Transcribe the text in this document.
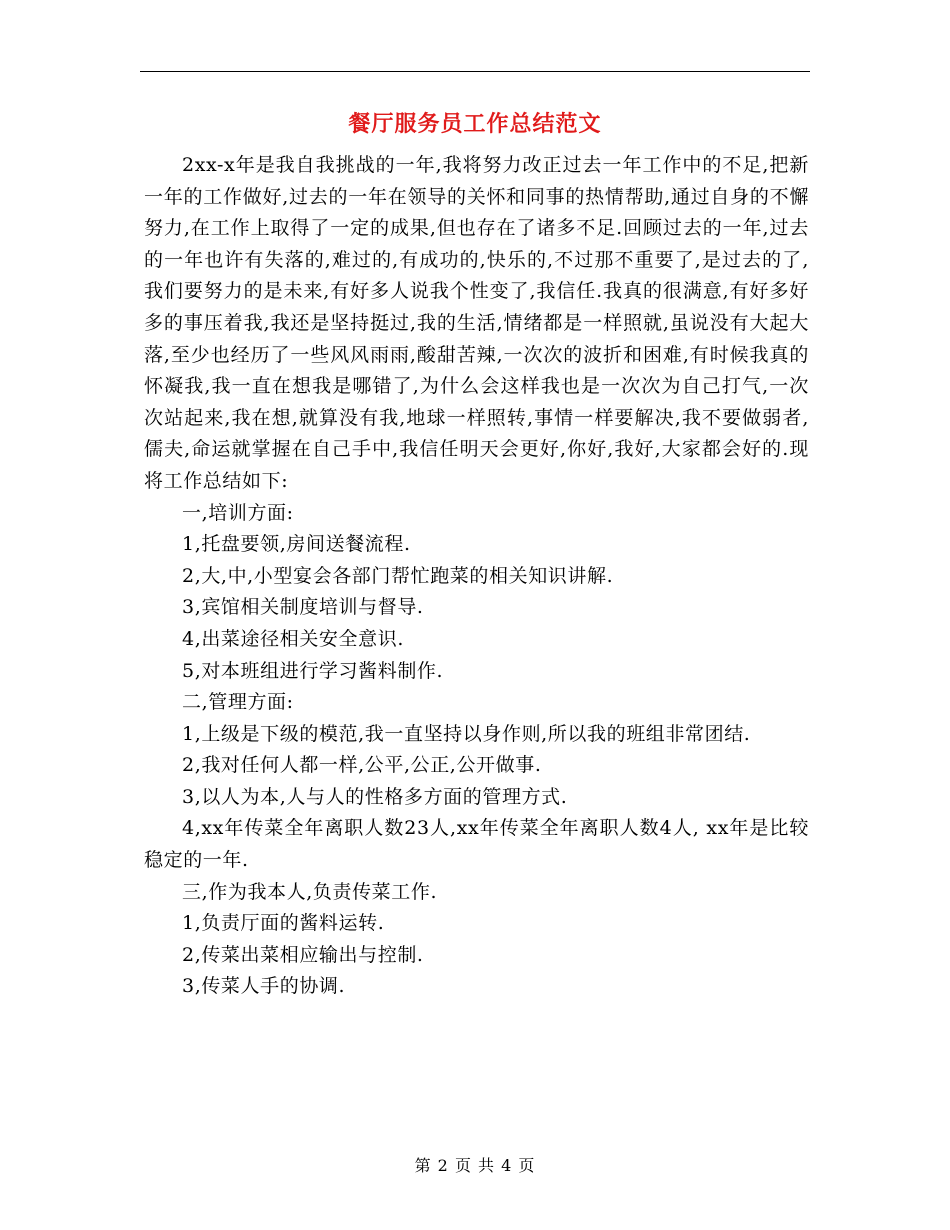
餐厅服务员工作总结范文

2xx-x年是我自我挑战的一年,我将努力改正过去一年工作中的不足,把新一年的工作做好,过去的一年在领导的关怀和同事的热情帮助,通过自身的不懈努力,在工作上取得了一定的成果,但也存在了诸多不足.回顾过去的一年,过去的一年也许有失落的,难过的,有成功的,快乐的,不过那不重要了,是过去的了,我们要努力的是未来,有好多人说我个性变了,我信任.我真的很满意,有好多好多的事压着我,我还是坚持挺过,我的生活,情绪都是一样照就,虽说没有大起大落,至少也经历了一些风风雨雨,酸甜苦辣,一次次的波折和困难,有时候我真的怀凝我,我一直在想我是哪错了,为什么会这样我也是一次次为自己打气,一次次站起来,我在想,就算没有我,地球一样照转,事情一样要解决,我不要做弱者,儒夫,命运就掌握在自己手中,我信任明天会更好,你好,我好,大家都会好的.现将工作总结如下:

一,培训方面:

1,托盘要领,房间送餐流程.

2,大,中,小型宴会各部门帮忙跑菜的相关知识讲解.

3,宾馆相关制度培训与督导.

4,出菜途径相关安全意识.

5,对本班组进行学习酱料制作.

二,管理方面:

1,上级是下级的模范,我一直坚持以身作则,所以我的班组非常团结.

2,我对任何人都一样,公平,公正,公开做事.

3,以人为本,人与人的性格多方面的管理方式.

4,xx年传菜全年离职人数23人,xx年传菜全年离职人数4人, xx年是比较稳定的一年.

三,作为我本人,负责传菜工作.

1,负责厅面的酱料运转.

2,传菜出菜相应输出与控制.

3,传菜人手的协调.

第 2 页 共 4 页
